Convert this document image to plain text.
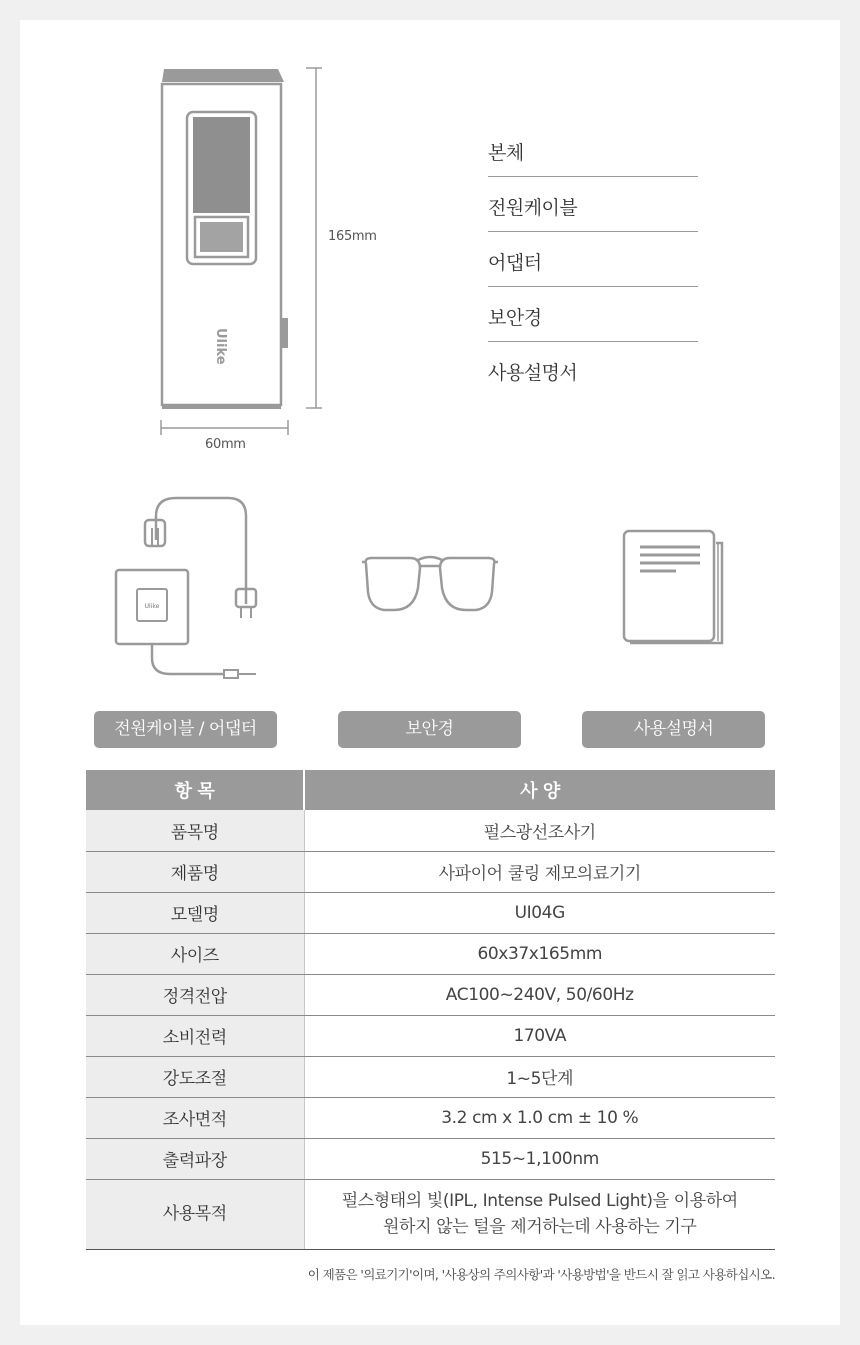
Ulike
165mm
60mm
본체
전원케이블
어댑터
보안경
사용설명서
Ulike
전원케이블 / 어댑터	보안경	사용설명서
항 목	사 양
품목명	펄스광선조사기
제품명	사파이어 쿨링 제모의료기기
모델명	UI04G
사이즈	60x37x165mm
정격전압	AC100~240V, 50/60Hz
소비전력	170VA
강도조절	1~5단계
조사면적	3.2 cm x 1.0 cm ± 10 %
출력파장	515~1,100nm
사용목적	펄스형태의 빛(IPL, Intense Pulsed Light)을 이용하여
원하지 않는 털을 제거하는데 사용하는 기구
이 제품은 '의료기기'이며, '사용상의 주의사항'과 '사용방법'을 반드시 잘 읽고 사용하십시오.
